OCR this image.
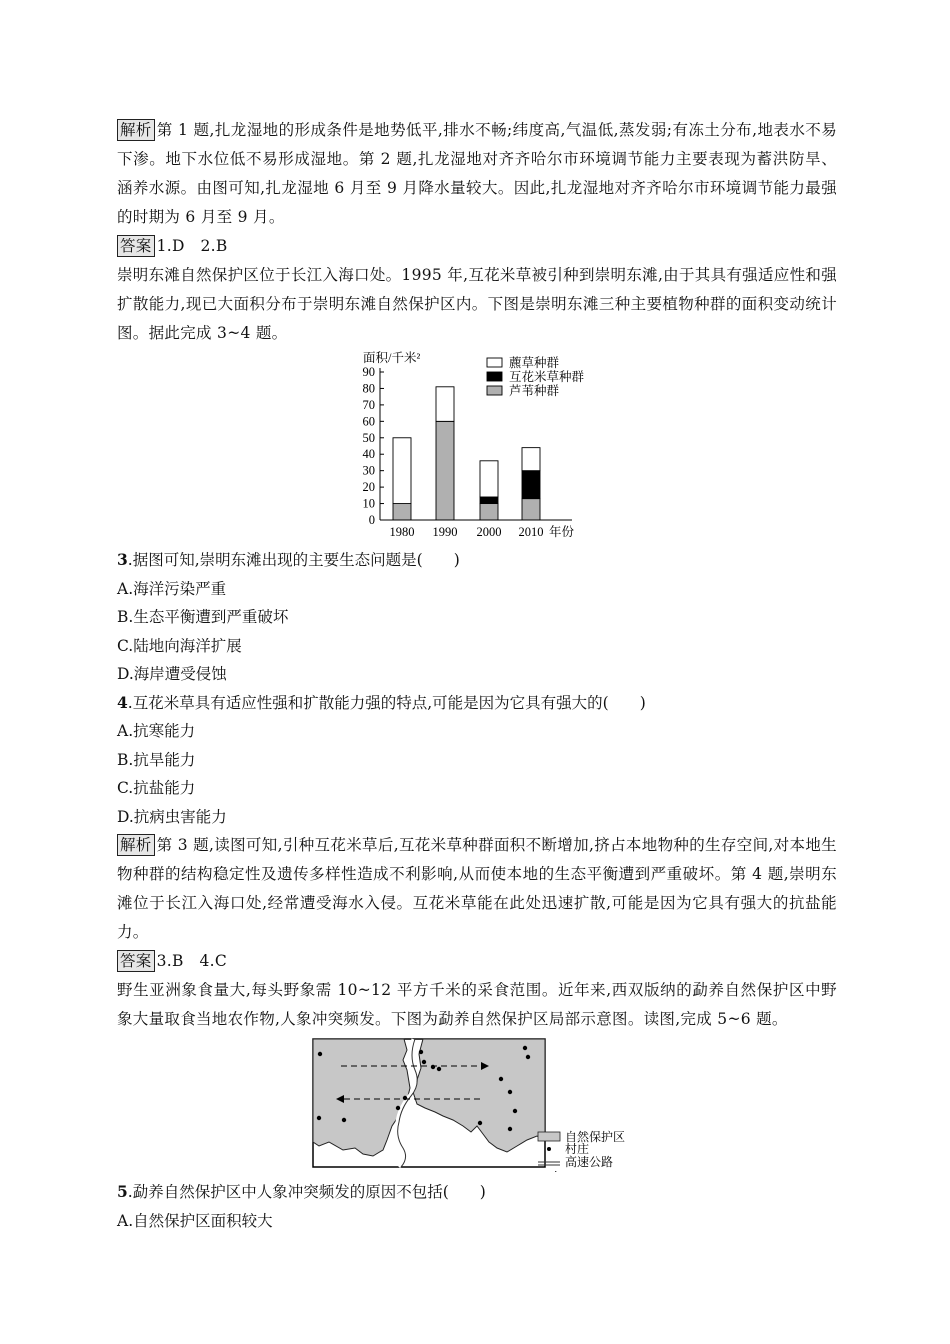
解析 第 1 题,扎龙湿地的形成条件是地势低平,排水不畅;纬度高,气温低,蒸发弱;有冻土分布,地表水不易下渗。地下水位低不易形成湿地。第 2 题,扎龙湿地对齐齐哈尔市环境调节能力主要表现为蓄洪防旱、涵养水源。由图可知,扎龙湿地 6 月至 9 月降水量较大。因此,扎龙湿地对齐齐哈尔市环境调节能力最强的时期为 6 月至 9 月。

答案 1.D　2.B

崇明东滩自然保护区位于长江入海口处。1995 年,互花米草被引种到崇明东滩,由于其具有强适应性和强扩散能力,现已大面积分布于崇明东滩自然保护区内。下图是崇明东滩三种主要植物种群的面积变动统计图。据此完成 3~4 题。

面积/千米²
0
10
20
30
40
50
60
70
80
90
1980 1990 2000 2010 年份
藨草种群
互花米草种群
芦苇种群

3.据图可知,崇明东滩出现的主要生态问题是(　　)

A.海洋污染严重

B.生态平衡遭到严重破坏

C.陆地向海洋扩展

D.海岸遭受侵蚀

4.互花米草具有适应性强和扩散能力强的特点,可能是因为它具有强大的(　　)

A.抗寒能力

B.抗旱能力

C.抗盐能力

D.抗病虫害能力

解析 第 3 题,读图可知,引种互花米草后,互花米草种群面积不断增加,挤占本地物种的生存空间,对本地生物种群的结构稳定性及遗传多样性造成不利影响,从而使本地的生态平衡遭到严重破坏。第 4 题,崇明东滩位于长江入海口处,经常遭受海水入侵。互花米草能在此处迅速扩散,可能是因为它具有强大的抗盐能力。

答案 3.B　4.C

野生亚洲象食量大,每头野象需 10~12 平方千米的采食范围。近年来,西双版纳的勐养自然保护区中野象大量取食当地农作物,人象冲突频发。下图为勐养自然保护区局部示意图。读图,完成 5~6 题。

自然保护区
村庄
高速公路

5.勐养自然保护区中人象冲突频发的原因不包括(　　)

A.自然保护区面积较大
